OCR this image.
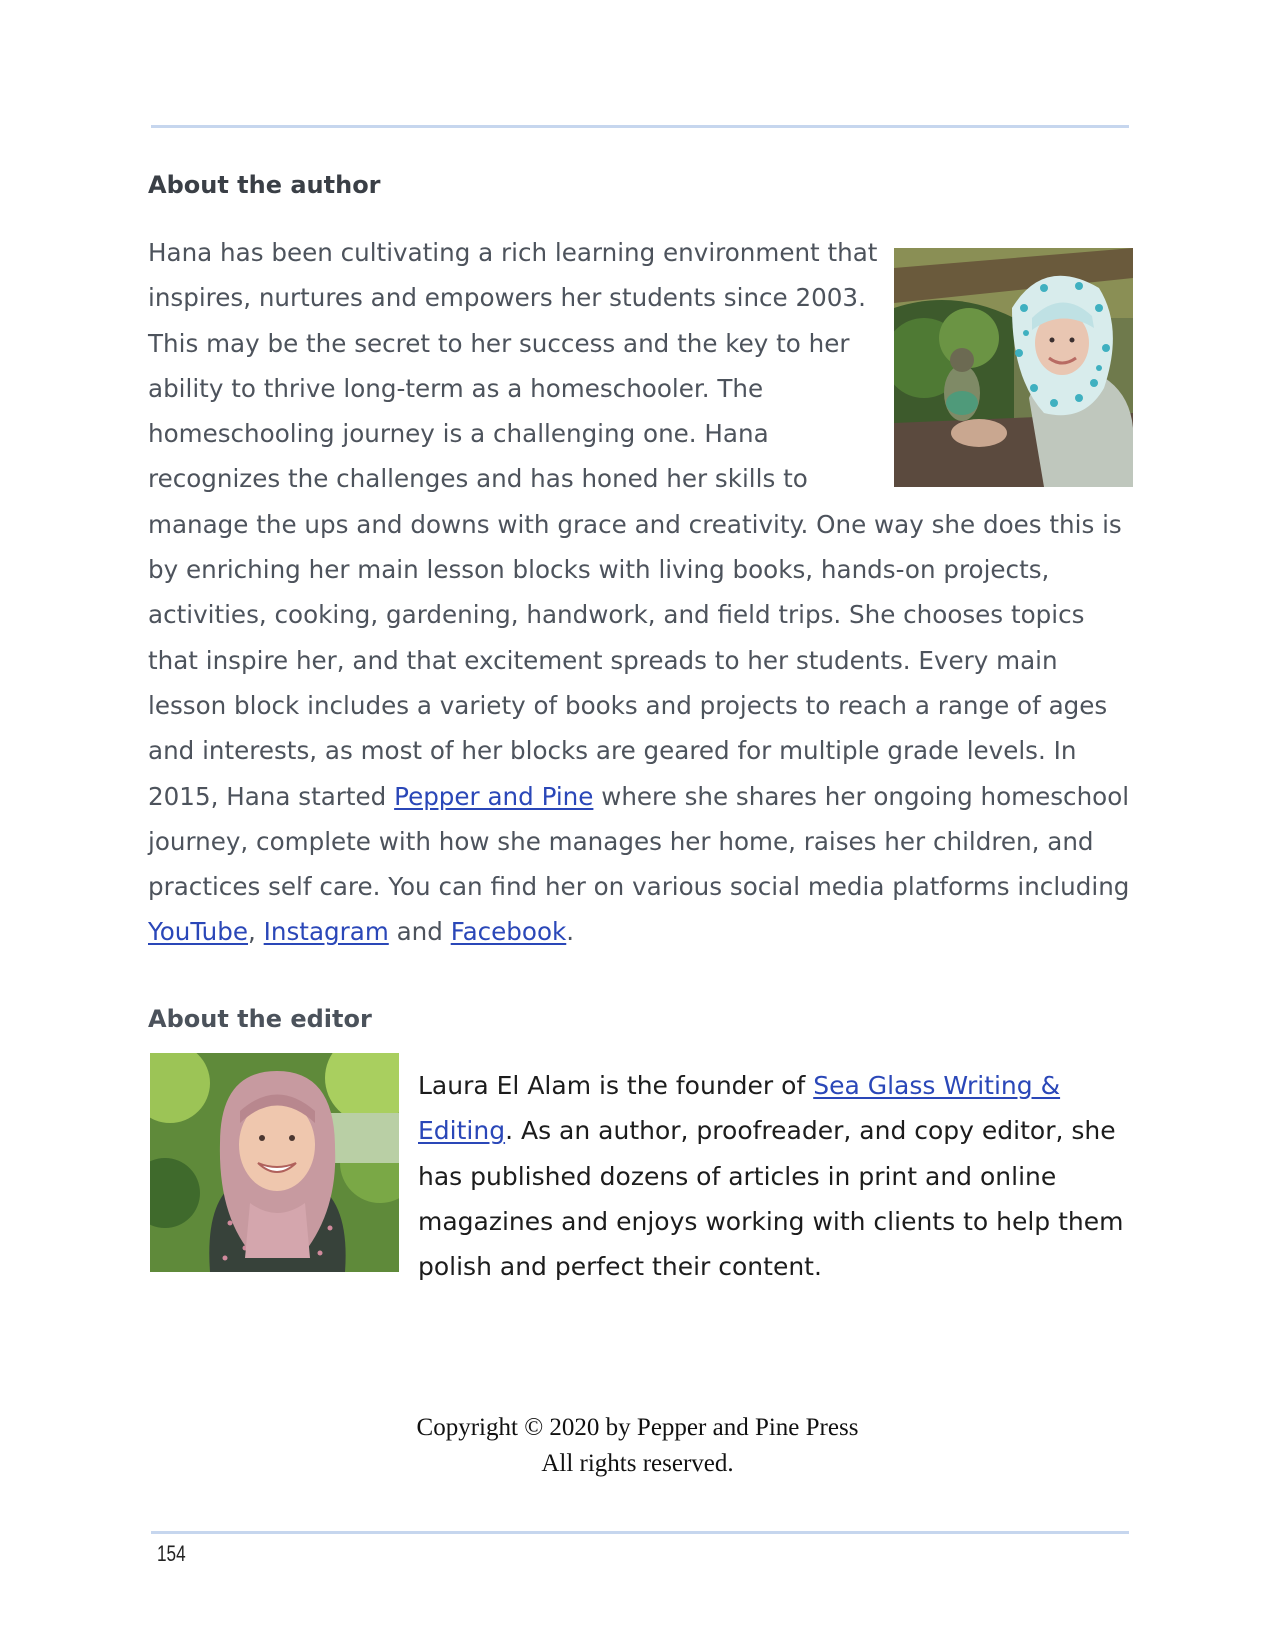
About the author
Hana has been cultivating a rich learning environment that inspires, nurtures and empowers her students since 2003. This may be the secret to her success and the key to her ability to thrive long-term as a homeschooler. The homeschooling journey is a challenging one. Hana recognizes the challenges and has honed her skills to manage the ups and downs with grace and creativity. One way she does this is by enriching her main lesson blocks with living books, hands-on projects, activities, cooking, gardening, handwork, and field trips. She chooses topics that inspire her, and that excitement spreads to her students. Every main lesson block includes a variety of books and projects to reach a range of ages and interests, as most of her blocks are geared for multiple grade levels. In 2015, Hana started Pepper and Pine where she shares her ongoing homeschool journey, complete with how she manages her home, raises her children, and practices self care. You can find her on various social media platforms including YouTube, Instagram and Facebook.
About the editor
Laura El Alam is the founder of Sea Glass Writing & Editing. As an author, proofreader, and copy editor, she has published dozens of articles in print and online magazines and enjoys working with clients to help them polish and perfect their content.
Copyright © 2020 by Pepper and Pine Press
All rights reserved.
154
